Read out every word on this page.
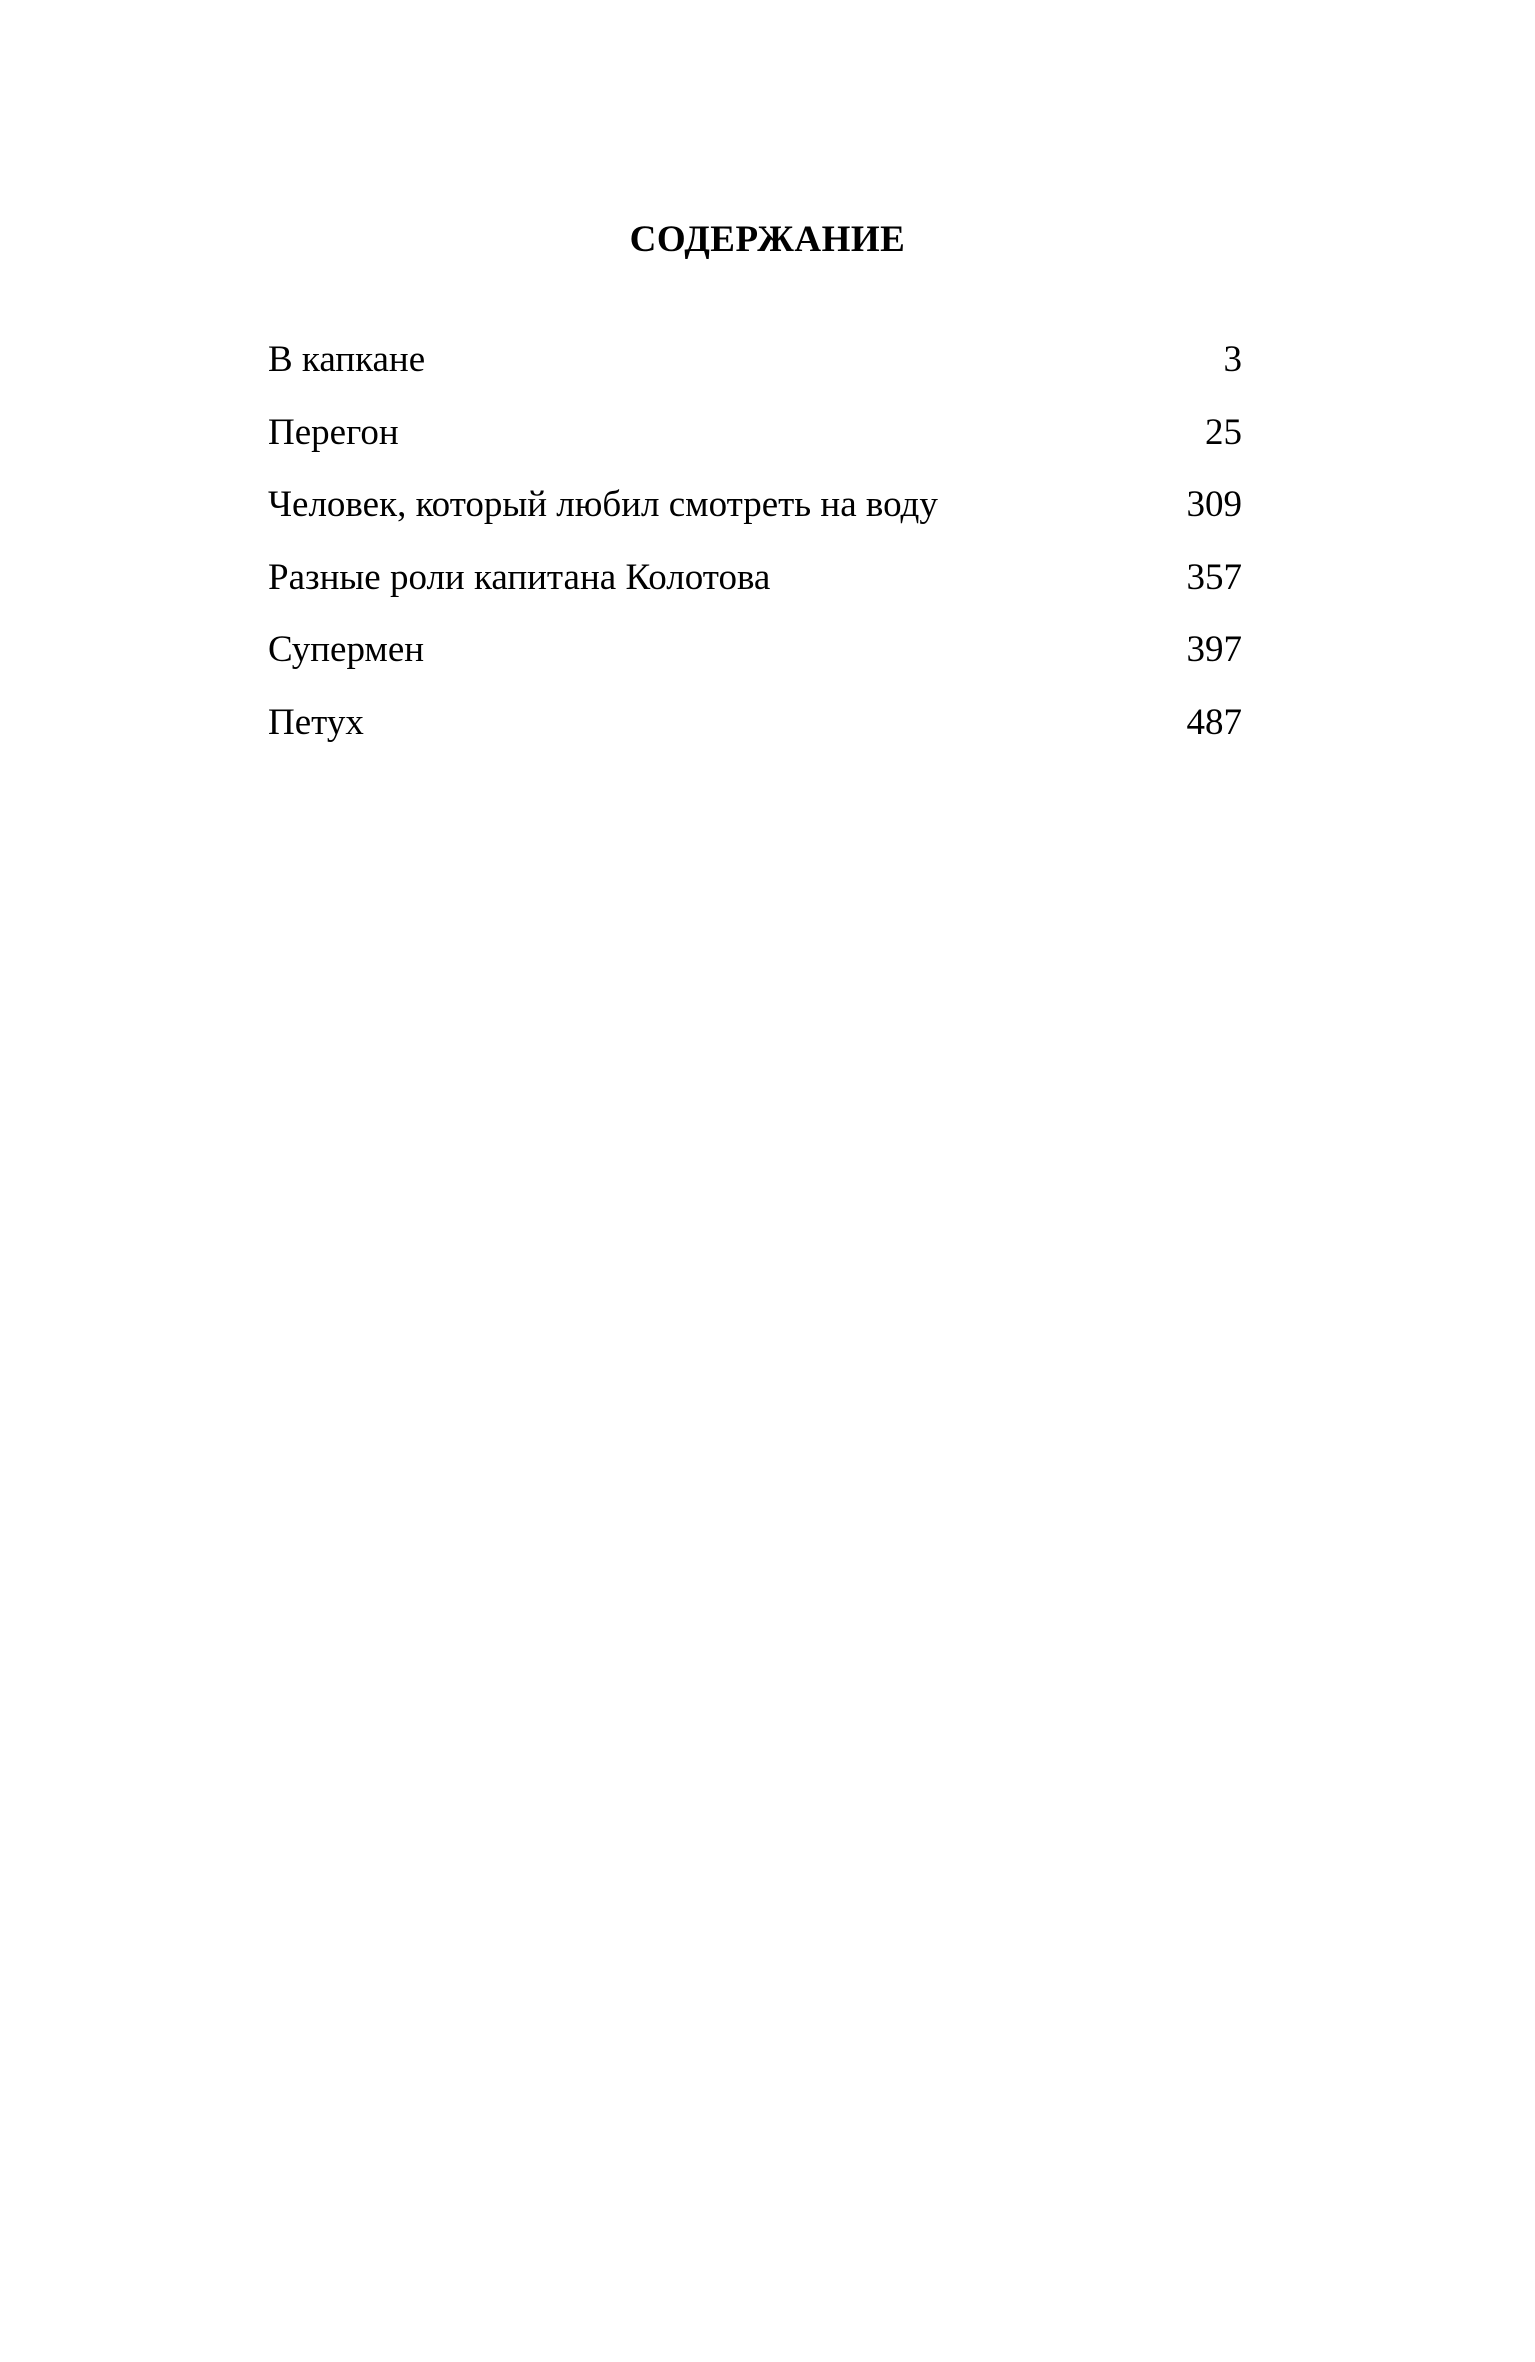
СОДЕРЖАНИЕ
В капкане	3
Перегон	25
Человек, который любил смотреть на воду	309
Разные роли капитана Колотова	357
Супермен	397
Петух	487
